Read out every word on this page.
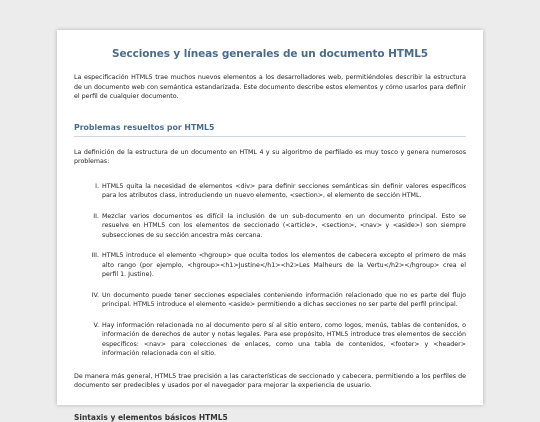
Secciones y líneas generales de un documento HTML5

La especificación HTML5 trae muchos nuevos elementos a los desarrolladores web, permitiéndoles describir la estructura de un documento web con semántica estandarizada. Este documento describe estos elementos y cómo usarlos para definir el perfil de cualquier documento.

Problemas resueltos por HTML5

La definición de la estructura de un documento en HTML 4 y su algoritmo de perfilado es muy tosco y genera numerosos problemas:

I. HTML5 quita la necesidad de elementos <div> para definir secciones semánticas sin definir valores específicos para los atributos class, introduciendo un nuevo elemento, <section>, el elemento de sección HTML.
II. Mezclar varios documentos es difícil la inclusión de un sub-documento en un documento principal. Esto se resuelve en HTML5 con los elementos de seccionado (<article>, <section>, <nav> y <aside>) son siempre subsecciones de su sección ancestra más cercana.
III. HTML5 introduce el elemento <hgroup> que oculta todos los elementos de cabecera excepto el primero de más alto rango (por ejemplo, <hgroup><h1>Justine</h1><h2>Les Malheurs de la Vertu</h2></hgroup> crea el perfil 1. Justine).
IV. Un documento puede tener secciones especiales conteniendo información relacionado que no es parte del flujo principal. HTML5 introduce el elemento <aside> permitiendo a dichas secciones no ser parte del perfil principal.
V. Hay información relacionada no al documento pero sí al sitio entero, como logos, menús, tablas de contenidos, o información de derechos de autor y notas legales. Para ese propósito, HTML5 introduce tres elementos de sección específicos: <nav> para colecciones de enlaces, como una tabla de contenidos, <footer> y <header> información relacionada con el sitio.

De manera más general, HTML5 trae precisión a las características de seccionado y cabecera, permitiendo a los perfiles de documento ser predecibles y usados por el navegador para mejorar la experiencia de usuario.

Sintaxis y elementos básicos HTML5
